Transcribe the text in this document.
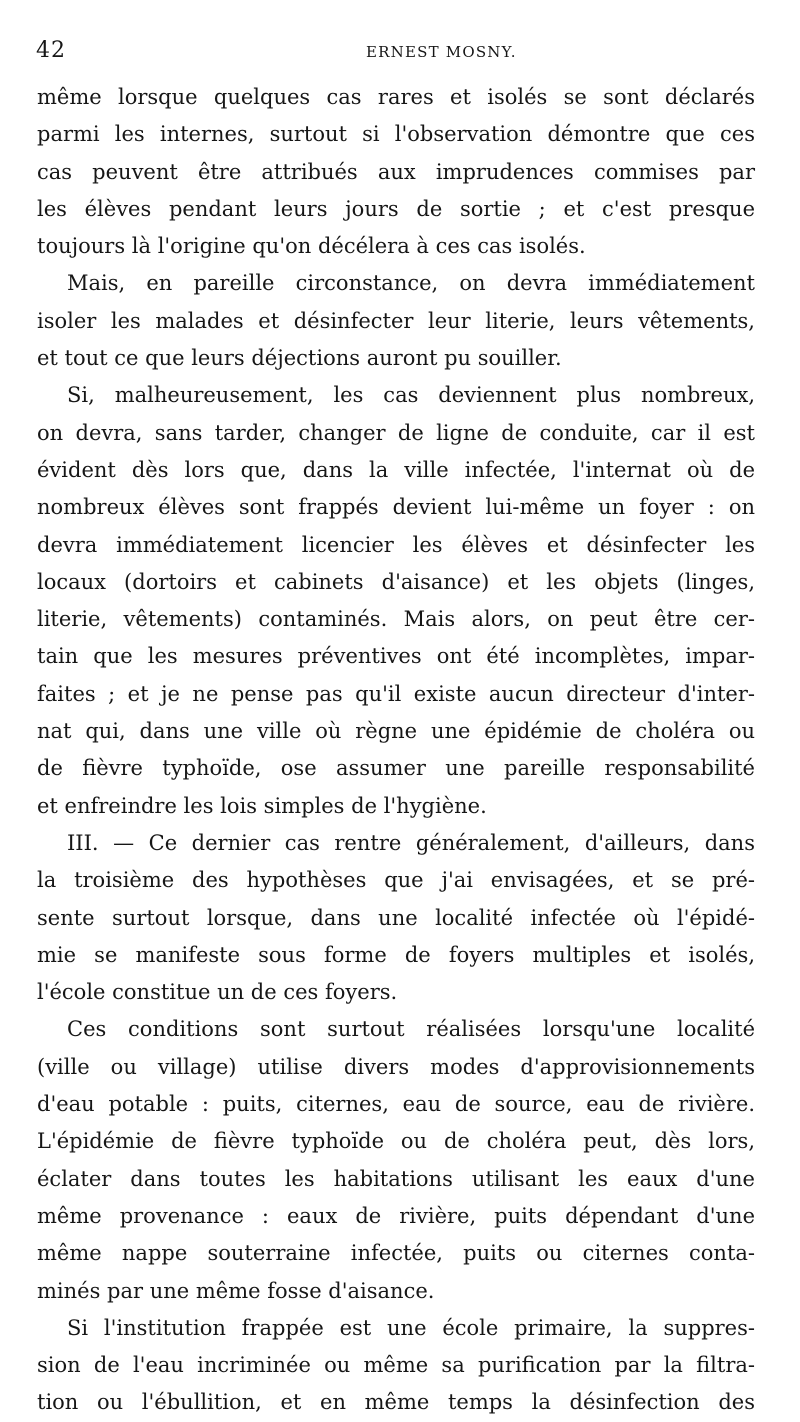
42	ERNEST MOSNY.
même lorsque quelques cas rares et isolés se sont déclarés
parmi les internes, surtout si l'observation démontre que ces
cas peuvent être attribués aux imprudences commises par
les élèves pendant leurs jours de sortie ; et c'est presque
toujours là l'origine qu'on décélera à ces cas isolés.
Mais, en pareille circonstance, on devra immédiatement
isoler les malades et désinfecter leur literie, leurs vêtements,
et tout ce que leurs déjections auront pu souiller.
Si, malheureusement, les cas deviennent plus nombreux,
on devra, sans tarder, changer de ligne de conduite, car il est
évident dès lors que, dans la ville infectée, l'internat où de
nombreux élèves sont frappés devient lui-même un foyer : on
devra immédiatement licencier les élèves et désinfecter les
locaux (dortoirs et cabinets d'aisance) et les objets (linges,
literie, vêtements) contaminés. Mais alors, on peut être cer-
tain que les mesures préventives ont été incomplètes, impar-
faites ; et je ne pense pas qu'il existe aucun directeur d'inter-
nat qui, dans une ville où règne une épidémie de choléra ou
de fièvre typhoïde, ose assumer une pareille responsabilité
et enfreindre les lois simples de l'hygiène.
III. — Ce dernier cas rentre généralement, d'ailleurs, dans
la troisième des hypothèses que j'ai envisagées, et se pré-
sente surtout lorsque, dans une localité infectée où l'épidé-
mie se manifeste sous forme de foyers multiples et isolés,
l'école constitue un de ces foyers.
Ces conditions sont surtout réalisées lorsqu'une localité
(ville ou village) utilise divers modes d'approvisionnements
d'eau potable : puits, citernes, eau de source, eau de rivière.
L'épidémie de fièvre typhoïde ou de choléra peut, dès lors,
éclater dans toutes les habitations utilisant les eaux d'une
même provenance : eaux de rivière, puits dépendant d'une
même nappe souterraine infectée, puits ou citernes conta-
minés par une même fosse d'aisance.
Si l'institution frappée est une école primaire, la suppres-
sion de l'eau incriminée ou même sa purification par la filtra-
tion ou l'ébullition, et en même temps la désinfection des
